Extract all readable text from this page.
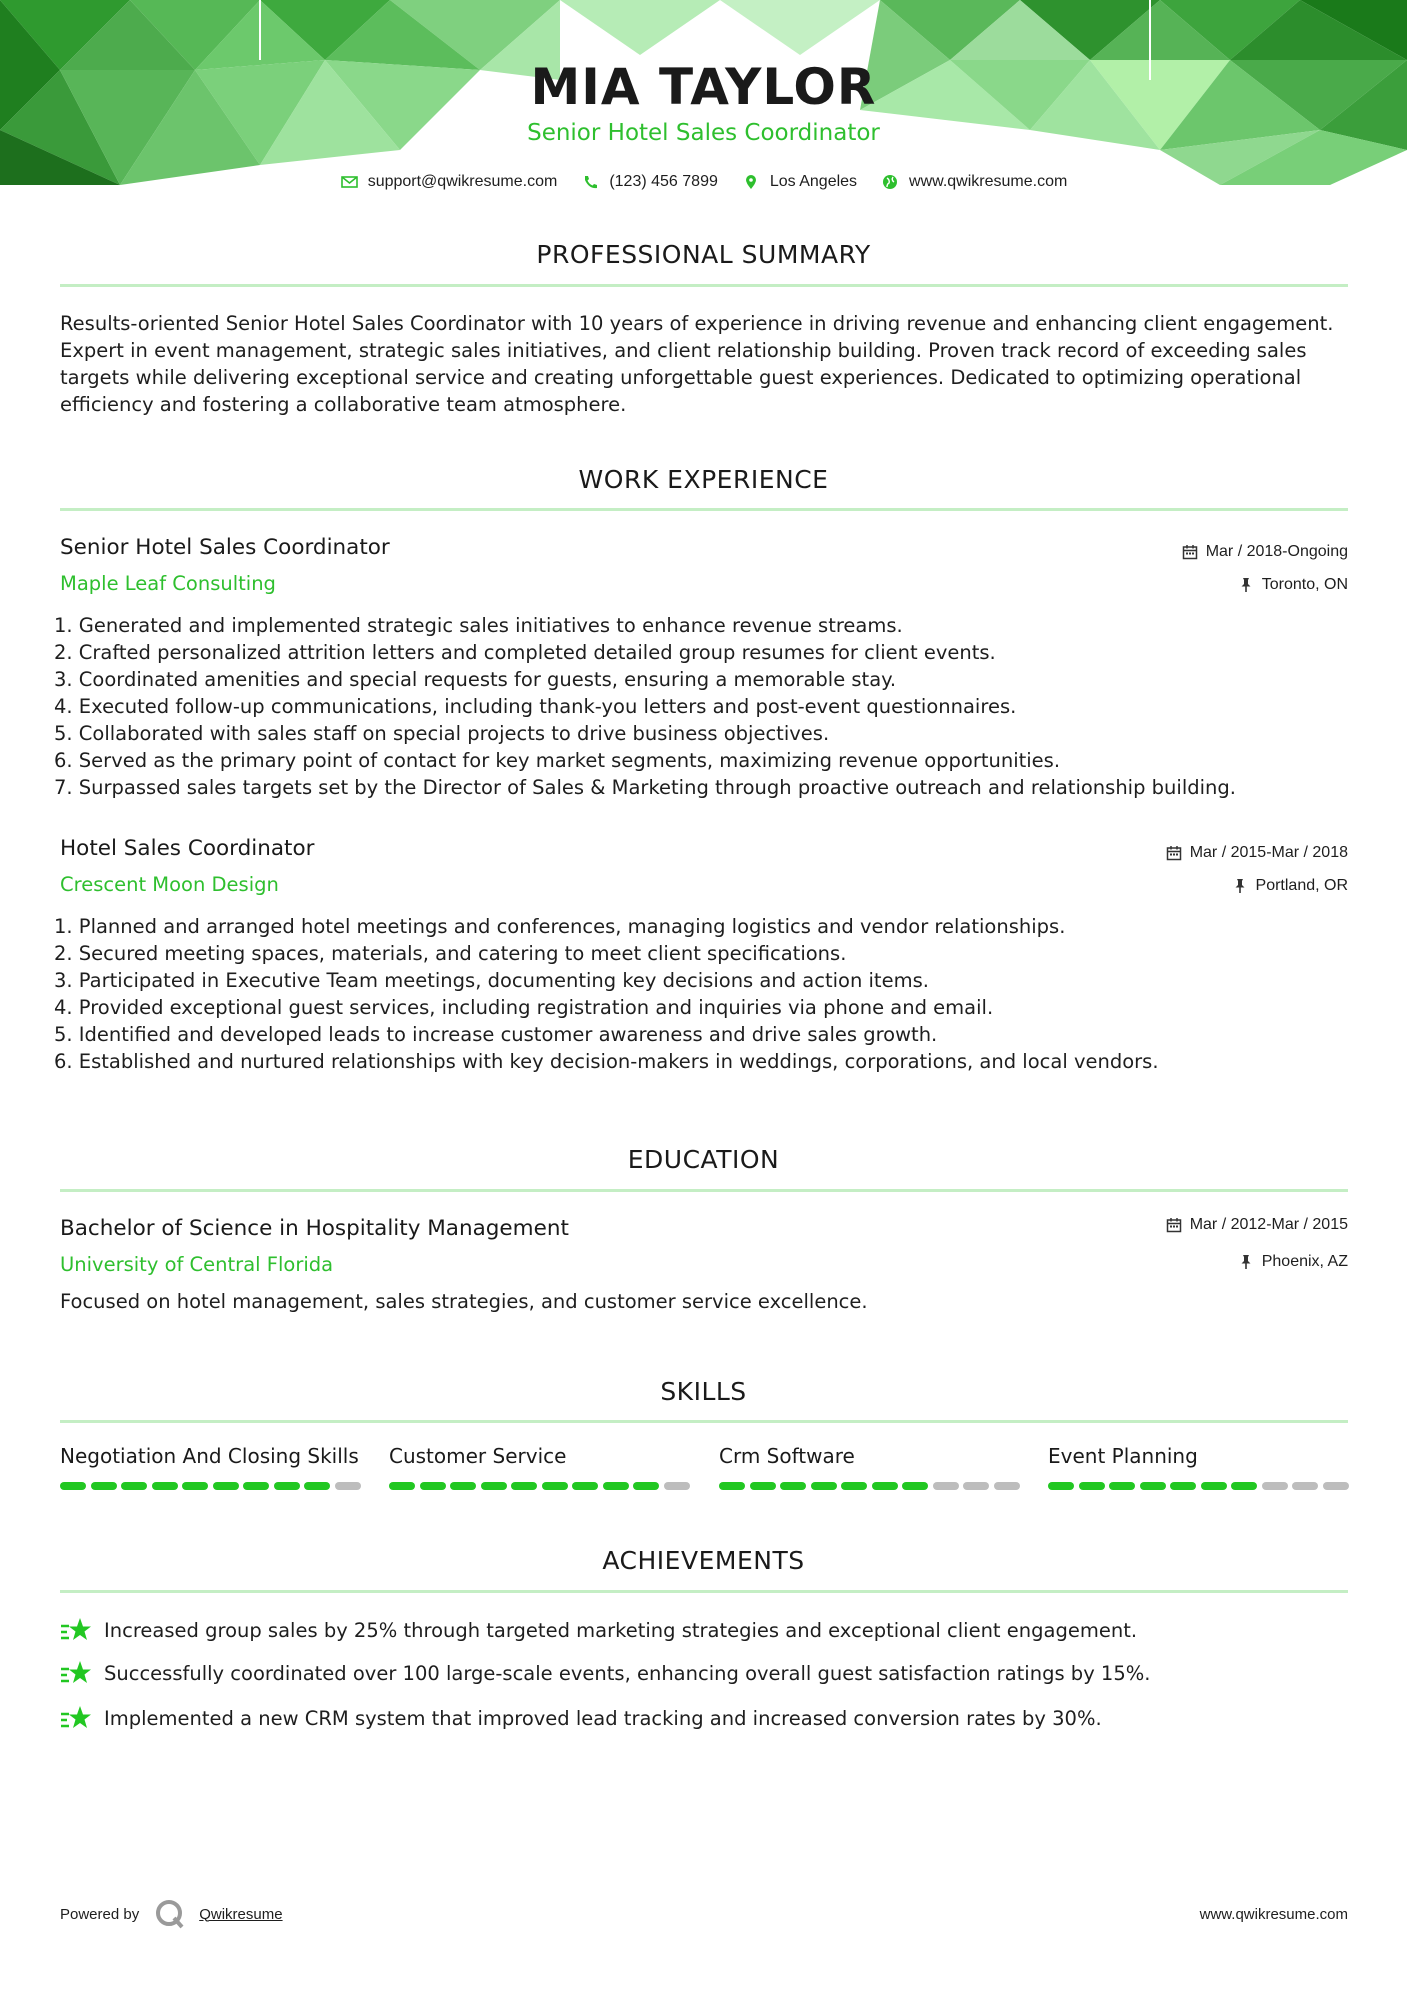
MIA TAYLOR
Senior Hotel Sales Coordinator
support@qwikresume.com	(123) 456 7899	Los Angeles	www.qwikresume.com
PROFESSIONAL SUMMARY
Results-oriented Senior Hotel Sales Coordinator with 10 years of experience in driving revenue and enhancing client engagement. Expert in event management, strategic sales initiatives, and client relationship building. Proven track record of exceeding sales targets while delivering exceptional service and creating unforgettable guest experiences. Dedicated to optimizing operational efficiency and fostering a collaborative team atmosphere.
WORK EXPERIENCE
Senior Hotel Sales Coordinator	Mar / 2018-Ongoing
Maple Leaf Consulting	Toronto, ON
1. Generated and implemented strategic sales initiatives to enhance revenue streams.
2. Crafted personalized attrition letters and completed detailed group resumes for client events.
3. Coordinated amenities and special requests for guests, ensuring a memorable stay.
4. Executed follow-up communications, including thank-you letters and post-event questionnaires.
5. Collaborated with sales staff on special projects to drive business objectives.
6. Served as the primary point of contact for key market segments, maximizing revenue opportunities.
7. Surpassed sales targets set by the Director of Sales & Marketing through proactive outreach and relationship building.
Hotel Sales Coordinator	Mar / 2015-Mar / 2018
Crescent Moon Design	Portland, OR
1. Planned and arranged hotel meetings and conferences, managing logistics and vendor relationships.
2. Secured meeting spaces, materials, and catering to meet client specifications.
3. Participated in Executive Team meetings, documenting key decisions and action items.
4. Provided exceptional guest services, including registration and inquiries via phone and email.
5. Identified and developed leads to increase customer awareness and drive sales growth.
6. Established and nurtured relationships with key decision-makers in weddings, corporations, and local vendors.
EDUCATION
Bachelor of Science in Hospitality Management	Mar / 2012-Mar / 2015
University of Central Florida	Phoenix, AZ
Focused on hotel management, sales strategies, and customer service excellence.
SKILLS
Negotiation And Closing Skills Customer Service	Crm Software	Event Planning
ACHIEVEMENTS
Increased group sales by 25% through targeted marketing strategies and exceptional client engagement.
Successfully coordinated over 100 large-scale events, enhancing overall guest satisfaction ratings by 15%.
Implemented a new CRM system that improved lead tracking and increased conversion rates by 30%.
Powered by	Qwikresume	www.qwikresume.com
